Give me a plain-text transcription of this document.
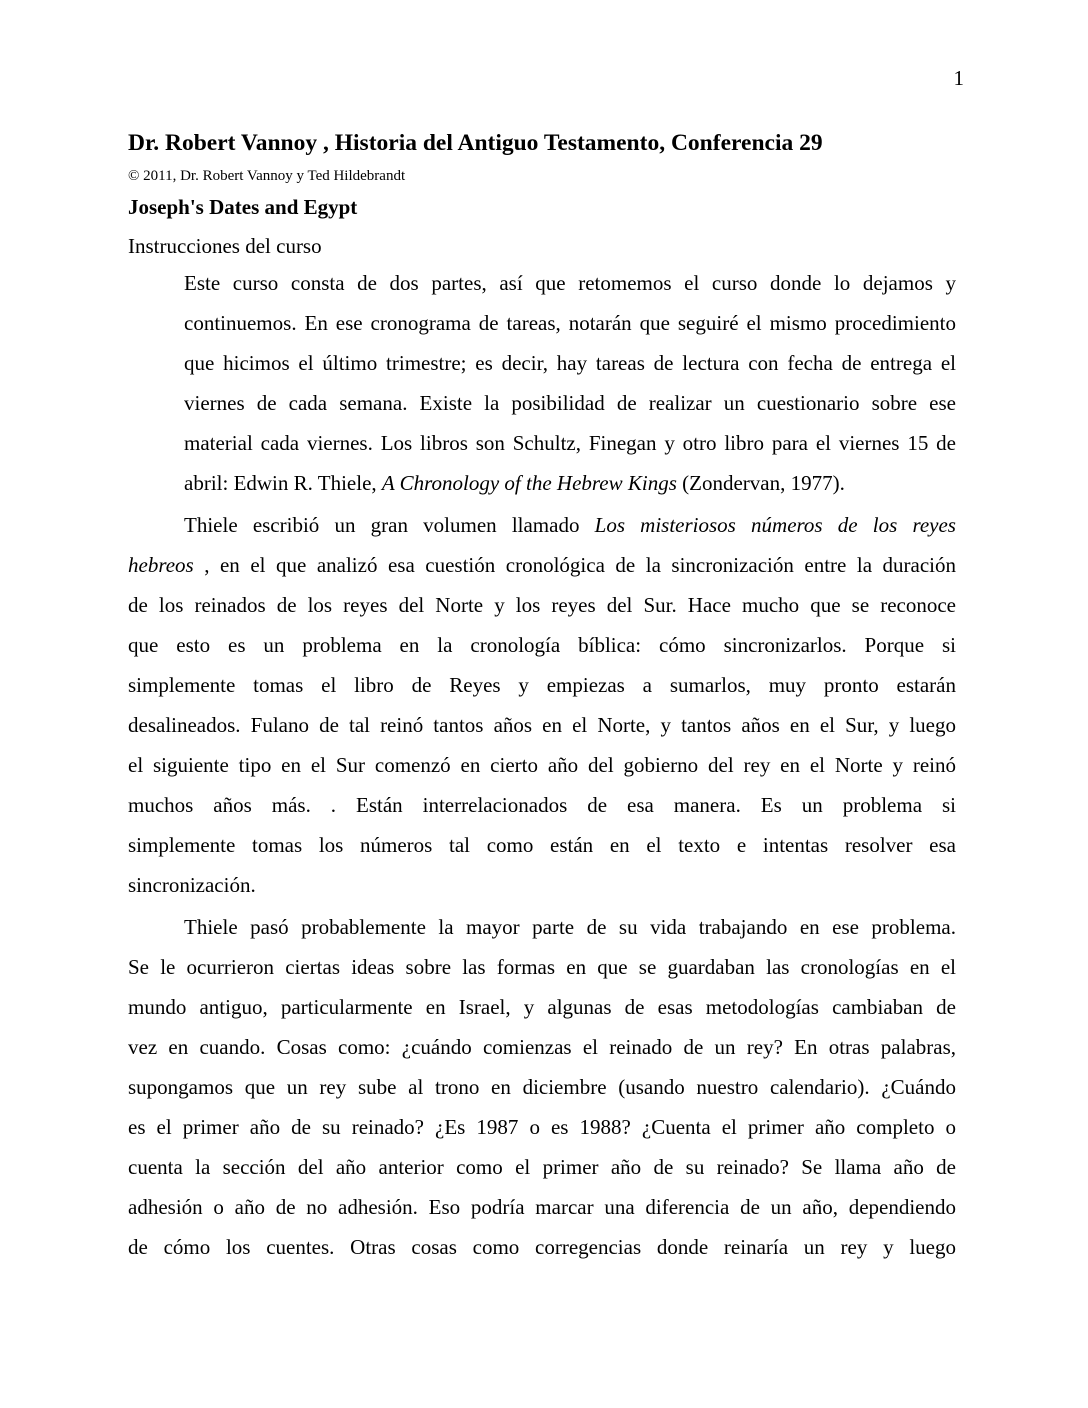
1
Dr. Robert Vannoy , Historia del Antiguo Testamento, Conferencia 29
© 2011, Dr. Robert Vannoy y Ted Hildebrandt
Joseph's Dates and Egypt
Instrucciones del curso

Este curso consta de dos partes, así que retomemos el curso donde lo dejamos y
continuemos. En ese cronograma de tareas, notarán que seguiré el mismo procedimiento
que hicimos el último trimestre; es decir, hay tareas de lectura con fecha de entrega el
viernes de cada semana. Existe la posibilidad de realizar un cuestionario sobre ese
material cada viernes. Los libros son Schultz, Finegan y otro libro para el viernes 15 de
abril: Edwin R. Thiele, A Chronology of the Hebrew Kings (Zondervan, 1977).

Thiele escribió un gran volumen llamado Los misteriosos números de los reyes
hebreos , en el que analizó esa cuestión cronológica de la sincronización entre la duración
de los reinados de los reyes del Norte y los reyes del Sur. Hace mucho que se reconoce
que esto es un problema en la cronología bíblica: cómo sincronizarlos. Porque si
simplemente tomas el libro de Reyes y empiezas a sumarlos, muy pronto estarán
desalineados. Fulano de tal reinó tantos años en el Norte, y tantos años en el Sur, y luego
el siguiente tipo en el Sur comenzó en cierto año del gobierno del rey en el Norte y reinó
muchos años más. . Están interrelacionados de esa manera. Es un problema si
simplemente tomas los números tal como están en el texto e intentas resolver esa
sincronización.

Thiele pasó probablemente la mayor parte de su vida trabajando en ese problema.
Se le ocurrieron ciertas ideas sobre las formas en que se guardaban las cronologías en el
mundo antiguo, particularmente en Israel, y algunas de esas metodologías cambiaban de
vez en cuando. Cosas como: ¿cuándo comienzas el reinado de un rey? En otras palabras,
supongamos que un rey sube al trono en diciembre (usando nuestro calendario). ¿Cuándo
es el primer año de su reinado? ¿Es 1987 o es 1988? ¿Cuenta el primer año completo o
cuenta la sección del año anterior como el primer año de su reinado? Se llama año de
adhesión o año de no adhesión. Eso podría marcar una diferencia de un año, dependiendo
de cómo los cuentes. Otras cosas como corregencias donde reinaría un rey y luego
